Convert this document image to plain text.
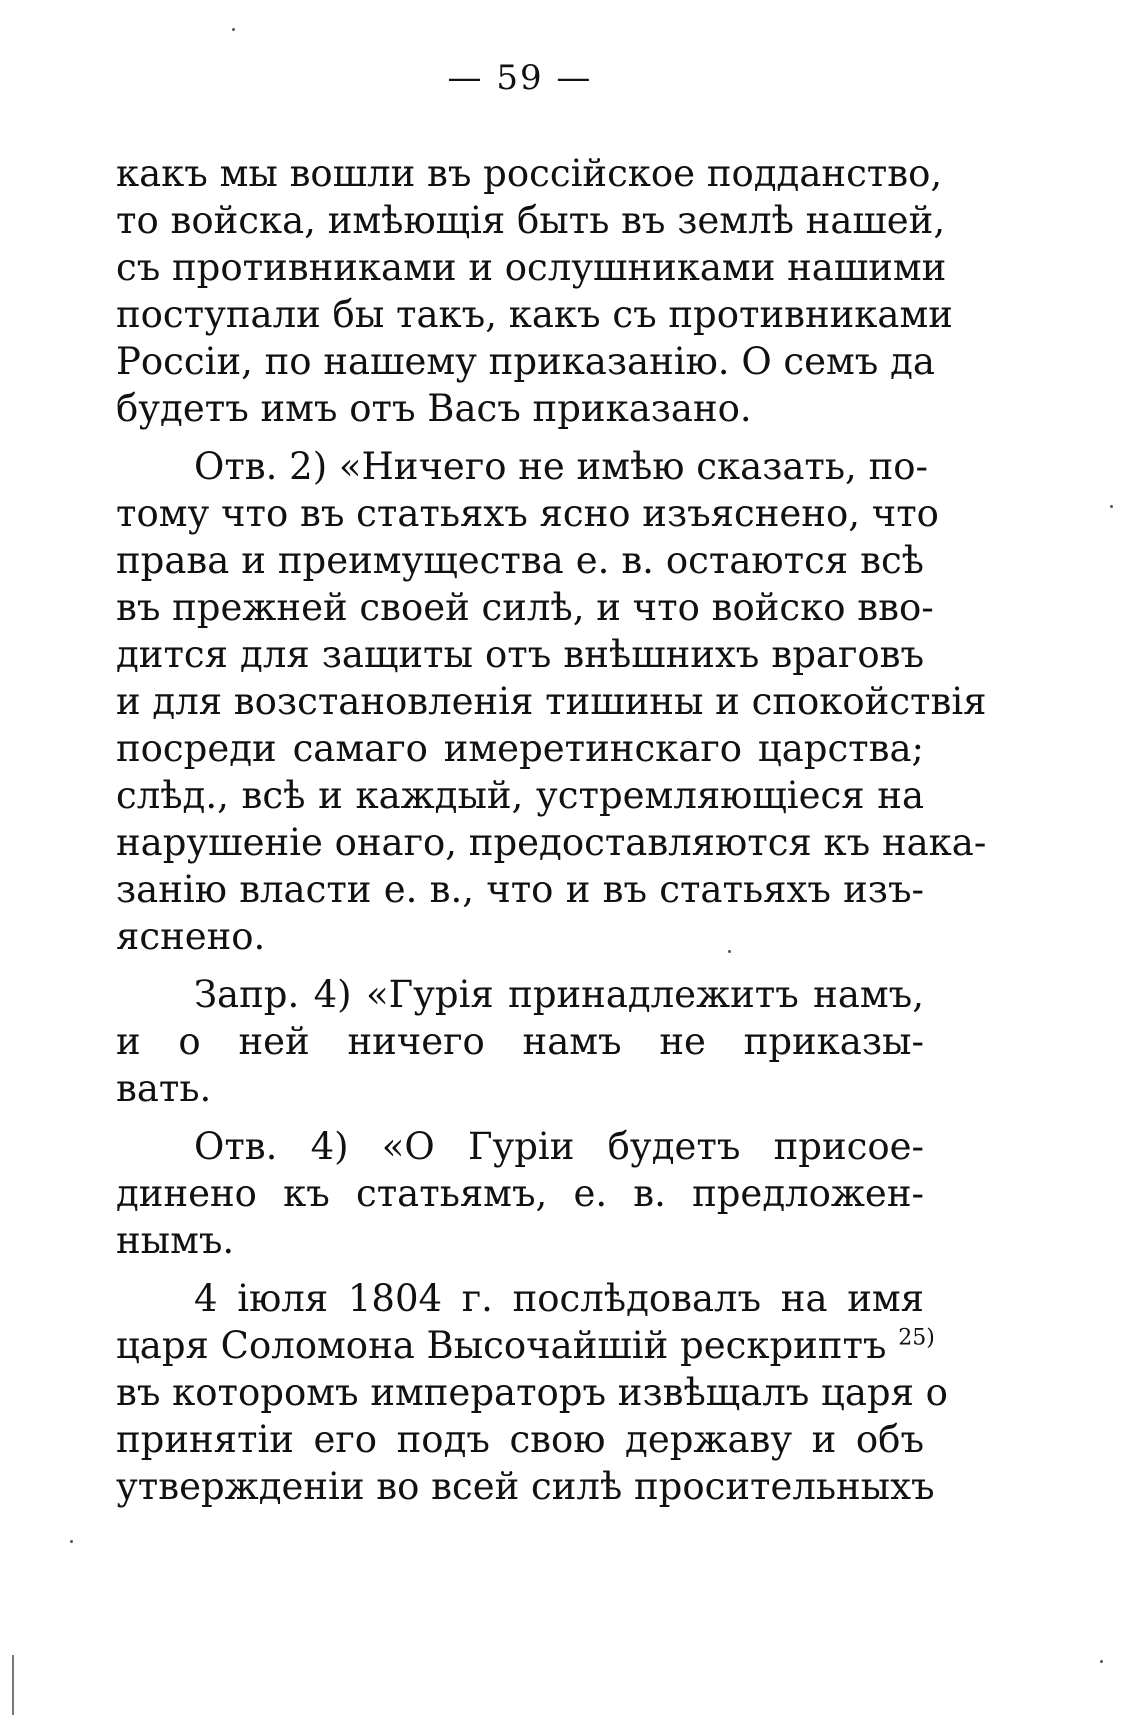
— 59 —
какъ мы вошли въ россійское подданство,
то войска, имѣющія быть въ землѣ нашей,
съ противниками и ослушниками нашими
поступали бы такъ, какъ съ противниками
Россіи, по нашему приказанію. О семъ да
будетъ имъ отъ Васъ приказано.
Отв. 2) «Ничего не имѣю сказать, по-
тому что въ статьяхъ ясно изъяснено, что
права и преимущества е. в. остаются всѣ
въ прежней своей силѣ, и что войско вво-
дится для защиты отъ внѣшнихъ враговъ
и для возстановленія тишины и спокойствія
посреди самаго имеретинскаго царства;
слѣд., всѣ и каждый, устремляющіеся на
нарушеніе онаго, предоставляются къ нака-
занію власти е. в., что и въ статьяхъ изъ-
яснено.
Запр. 4) «Гурія принадлежитъ намъ,
и о ней ничего намъ не приказы-
вать.
Отв. 4) «О Гуріи будетъ присое-
динено къ статьямъ, е. в. предложен-
нымъ.
4 іюля 1804 г. послѣдовалъ на имя
царя Соломона Высочайшій рескриптъ $^{25)}$
въ которомъ императоръ извѣщалъ царя о
принятіи его подъ свою державу и объ
утвержденіи во всей силѣ просительныхъ
